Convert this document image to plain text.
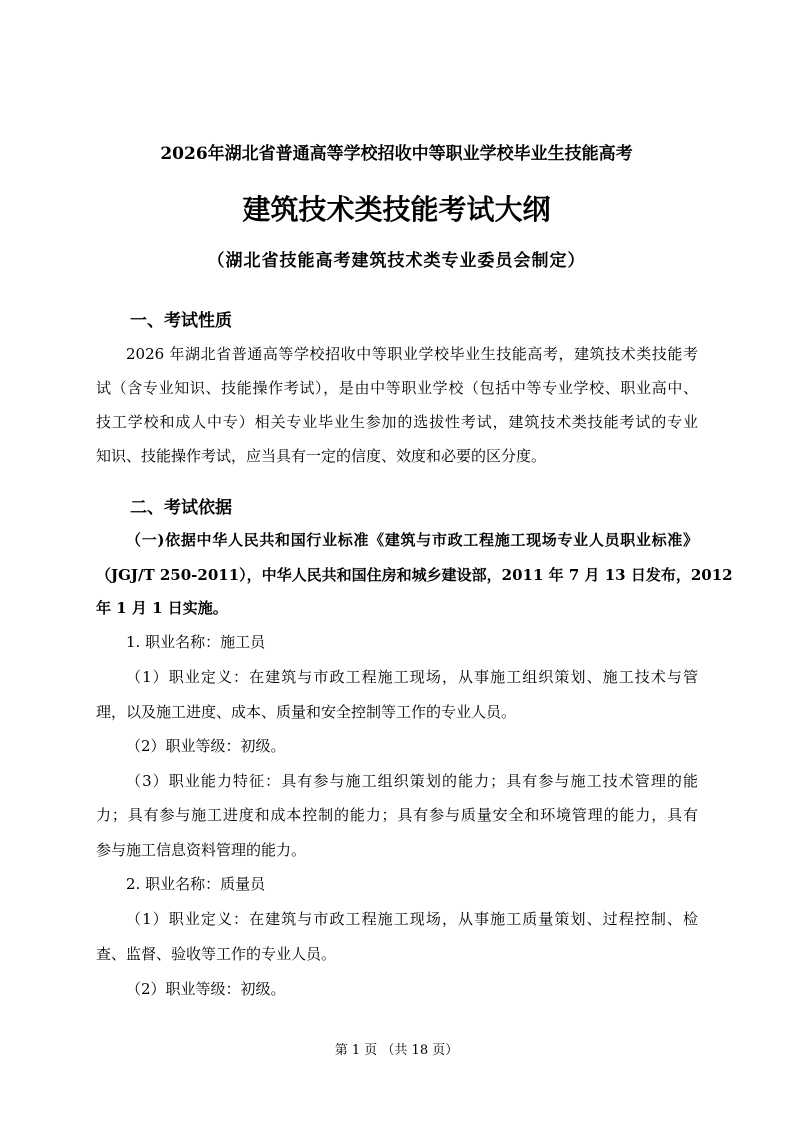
2026年湖北省普通高等学校招收中等职业学校毕业生技能高考
建筑技术类技能考试大纲
（湖北省技能高考建筑技术类专业委员会制定）
一、考试性质
2026 年湖北省普通高等学校招收中等职业学校毕业生技能高考，建筑技术类技能考
试（含专业知识、技能操作考试），是由中等职业学校（包括中等专业学校、职业高中、
技工学校和成人中专）相关专业毕业生参加的选拔性考试，建筑技术类技能考试的专业
知识、技能操作考试，应当具有一定的信度、效度和必要的区分度。
二、考试依据
（一)依据中华人民共和国行业标准《建筑与市政工程施工现场专业人员职业标准》
（JGJ/T 250-2011），中华人民共和国住房和城乡建设部，2011 年 7 月 13 日发布，2012
年 1 月 1 日实施。
1. 职业名称：施工员
（1）职业定义：在建筑与市政工程施工现场，从事施工组织策划、施工技术与管
理，以及施工进度、成本、质量和安全控制等工作的专业人员。
（2）职业等级：初级。
（3）职业能力特征：具有参与施工组织策划的能力；具有参与施工技术管理的能
力；具有参与施工进度和成本控制的能力；具有参与质量安全和环境管理的能力，具有
参与施工信息资料管理的能力。
2. 职业名称：质量员
（1）职业定义：在建筑与市政工程施工现场，从事施工质量策划、过程控制、检
查、监督、验收等工作的专业人员。
（2）职业等级：初级。
第 1 页 （共 18 页）
